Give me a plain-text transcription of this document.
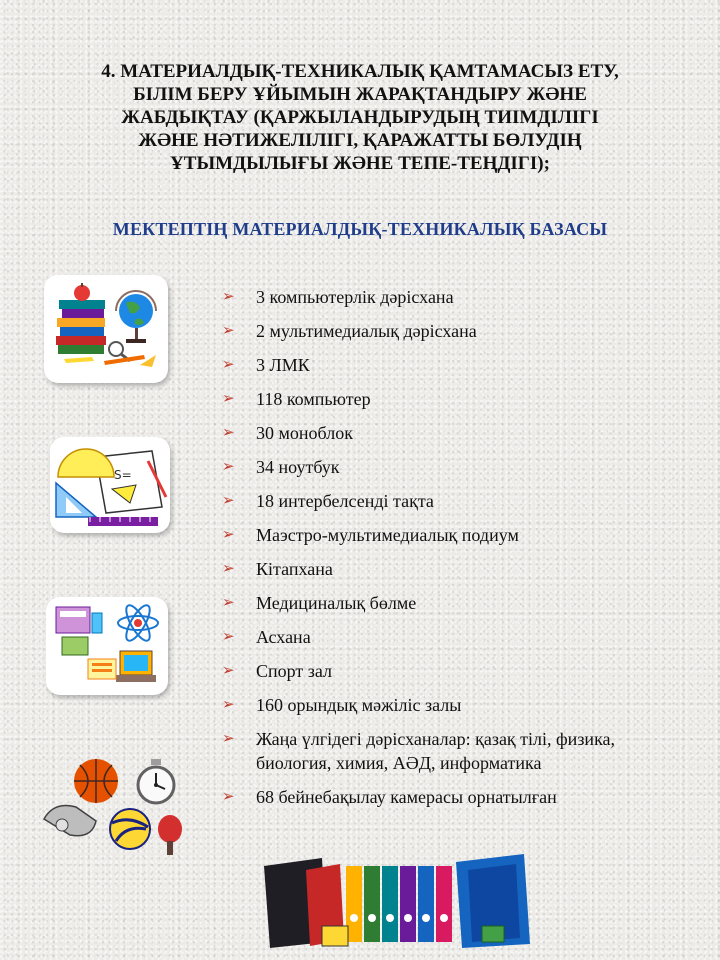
4. МАТЕРИАЛДЫҚ-ТЕХНИКАЛЫҚ ҚАМТАМАСЫЗ ЕТУ,
БІЛІМ БЕРУ ҰЙЫМЫН ЖАРАҚТАНДЫРУ ЖӘНЕ
ЖАБДЫҚТАУ (ҚАРЖЫЛАНДЫРУДЫҢ ТИІМДІЛІГІ
ЖӘНЕ НӘТИЖЕЛІЛІГІ, ҚАРАЖАТТЫ БӨЛУДІҢ
ҰТЫМДЫЛЫҒЫ ЖӘНЕ ТЕПЕ-ТЕҢДІГІ);
МЕКТЕПТІҢ МАТЕРИАЛДЫҚ-ТЕХНИКАЛЫҚ БАЗАСЫ
S=
➢ 3 компьютерлік дәрісхана
➢ 2 мультимедиалық дәрісхана
➢ 3 ЛМК
➢ 118 компьютер
➢ 30 моноблок
➢ 34 ноутбук
➢ 18 интербелсенді тақта
➢ Маэстро-мультимедиалық подиум
➢ Кітапхана
➢ Медициналық бөлме
➢ Асхана
➢ Спорт зал
➢ 160 орындық мәжіліс залы
➢ Жаңа үлгідегі дәрісханалар: қазақ тілі, физика, биология, химия, АӘД, информатика
➢ 68 бейнебақылау камерасы орнатылған
